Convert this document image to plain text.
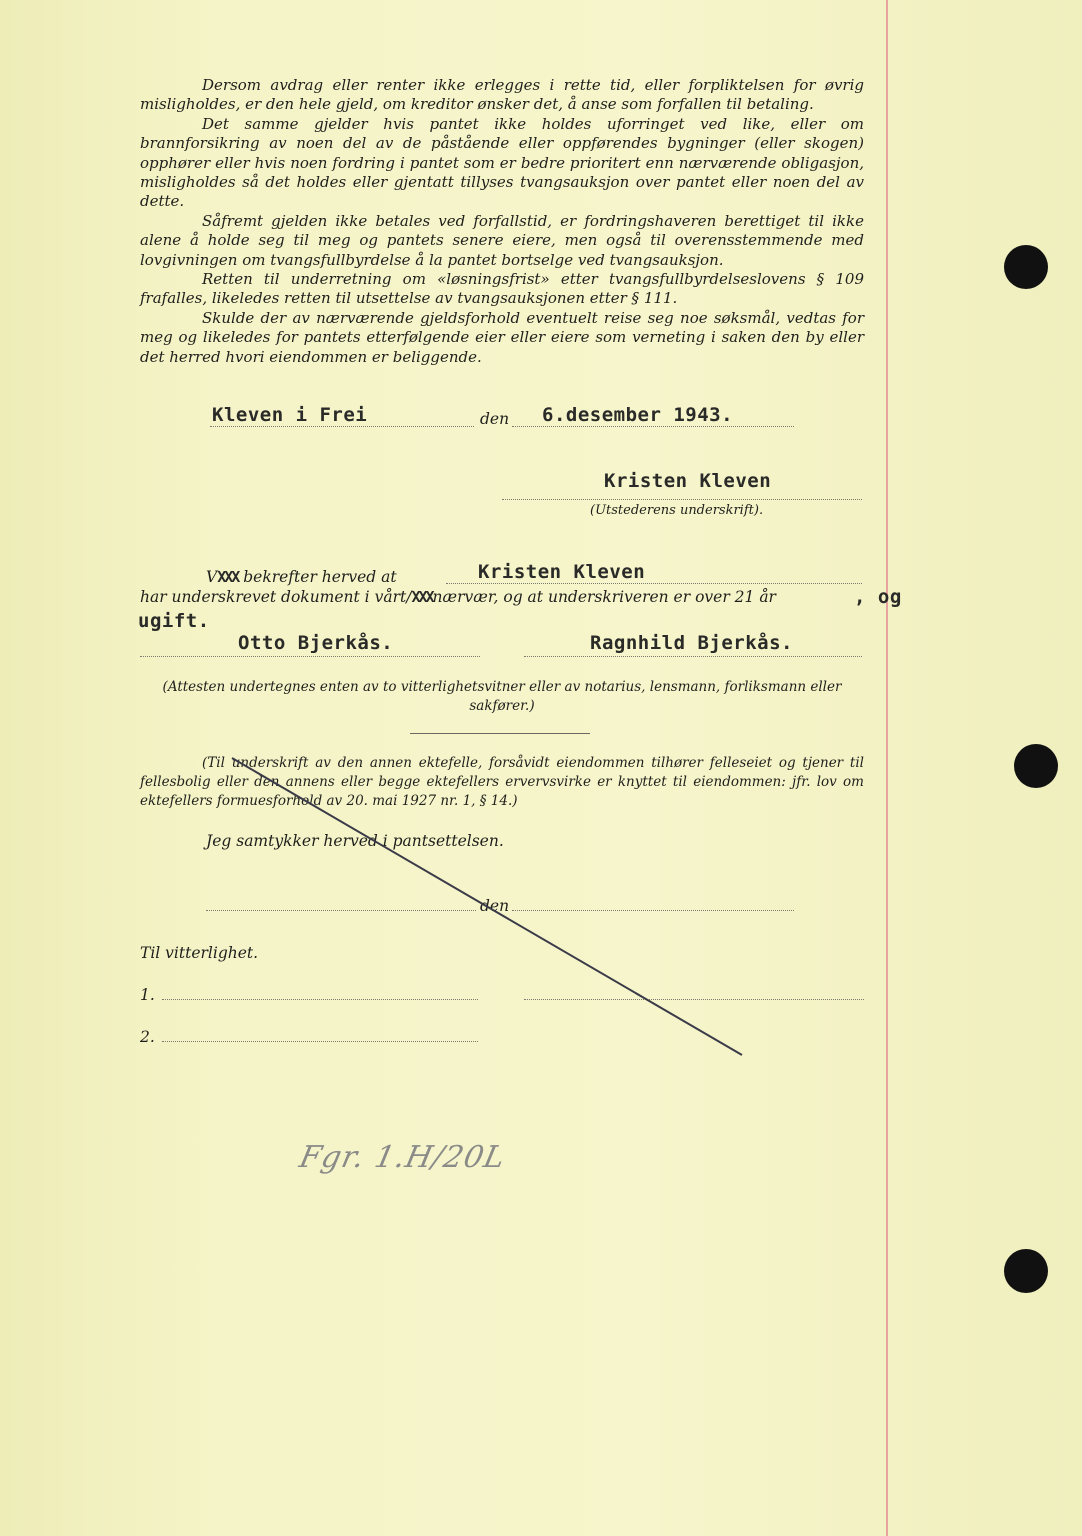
Dersom avdrag eller renter ikke erlegges i rette tid, eller forpliktelsen for øvrig misligholdes, er den hele gjeld, om kreditor ønsker det, å anse som forfallen til betaling.
Det samme gjelder hvis pantet ikke holdes uforringet ved like, eller om brannforsikring av noen del av de påstående eller oppførendes bygninger (eller skogen) opphører eller hvis noen fordring i pantet som er bedre prioritert enn nærværende obligasjon, misligholdes så det holdes eller gjentatt tillyses tvangsauksjon over pantet eller noen del av dette.
Såfremt gjelden ikke betales ved forfallstid, er fordringshaveren berettiget til ikke alene å holde seg til meg og pantets senere eiere, men også til overensstemmende med lovgivningen om tvangsfullbyrdelse å la pantet bortselge ved tvangsauksjon.
Retten til underretning om «løsningsfrist» etter tvangsfullbyrdelseslovens § 109 frafalles, likeledes retten til utsettelse av tvangsauksjonen etter § 111.
Skulde der av nærværende gjeldsforhold eventuelt reise seg noe søksmål, vedtas for meg og likeledes for pantets etterfølgende eier eller eiere som verneting i saken den by eller det herred hvori eiendommen er beliggende.
Kleven i Frei	den 6.desember 1943.
Kristen Kleven
(Utstederens underskrift).
VXXX bekrefter herved at	Kristen Kleven
har underskrevet dokument i vårt/XXXnærvær, og at underskriveren er over 21 år	, og
ugift.
Otto Bjerkås.	Ragnhild Bjerkås.
(Attesten undertegnes enten av to vitterlighetsvitner eller av notarius, lensmann, forliksmann eller sakfører.)
(Til underskrift av den annen ektefelle, forsåvidt eiendommen tilhører felleseiet og tjener til fellesbolig eller den annens eller begge ektefellers ervervsvirke er knyttet til eiendommen: jfr. lov om ektefellers formuesforhold av 20. mai 1927 nr. 1, § 14.)
Jeg samtykker herved i pantsettelsen.
den
Til vitterlighet.
1.
2.
Fgr. 1.H/20L
